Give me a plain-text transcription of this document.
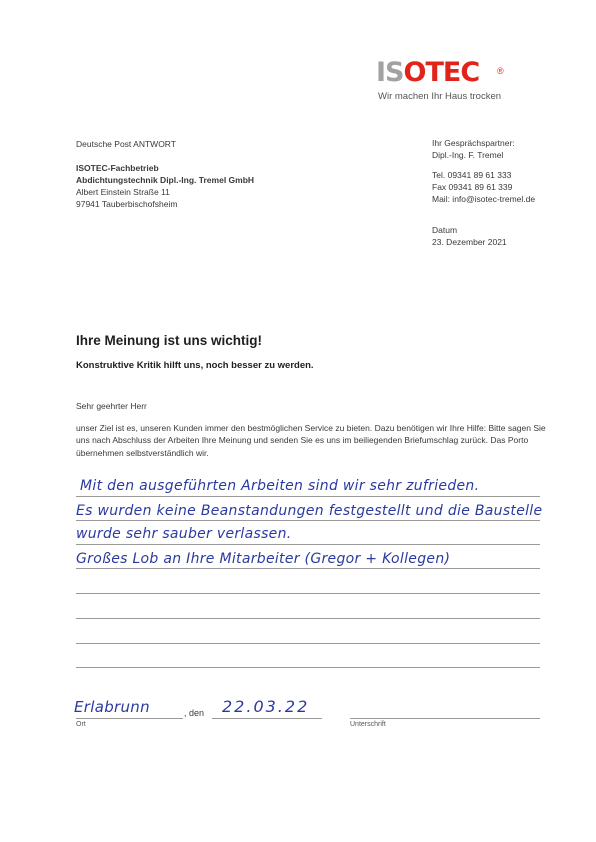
ISOTEC ®
Wir machen Ihr Haus trocken
Deutsche Post ANTWORT
ISOTEC-Fachbetrieb
Abdichtungstechnik Dipl.-Ing. Tremel GmbH
Albert Einstein Straße 11
97941 Tauberbischofsheim
Ihr Gesprächspartner:
Dipl.-Ing. F. Tremel
Tel. 09341 89 61 333
Fax 09341 89 61 339
Mail: info@isotec-tremel.de
Datum
23. Dezember 2021
Ihre Meinung ist uns wichtig!
Konstruktive Kritik hilft uns, noch besser zu werden.
Sehr geehrter Herr
unser Ziel ist es, unseren Kunden immer den bestmöglichen Service zu bieten. Dazu benötigen wir Ihre Hilfe: Bitte sagen Sie uns nach Abschluss der Arbeiten Ihre Meinung und senden Sie es uns im beiliegenden Briefumschlag zurück. Das Porto übernehmen selbstverständlich wir.
Mit den ausgeführten Arbeiten sind wir sehr zufrieden.
Es wurden keine Beanstandungen festgestellt und die Baustelle
wurde sehr sauber verlassen.
Großes Lob an Ihre Mitarbeiter (Gregor + Kollegen)
Erlabrunn	, den 22.03.22
Ort	Unterschrift
